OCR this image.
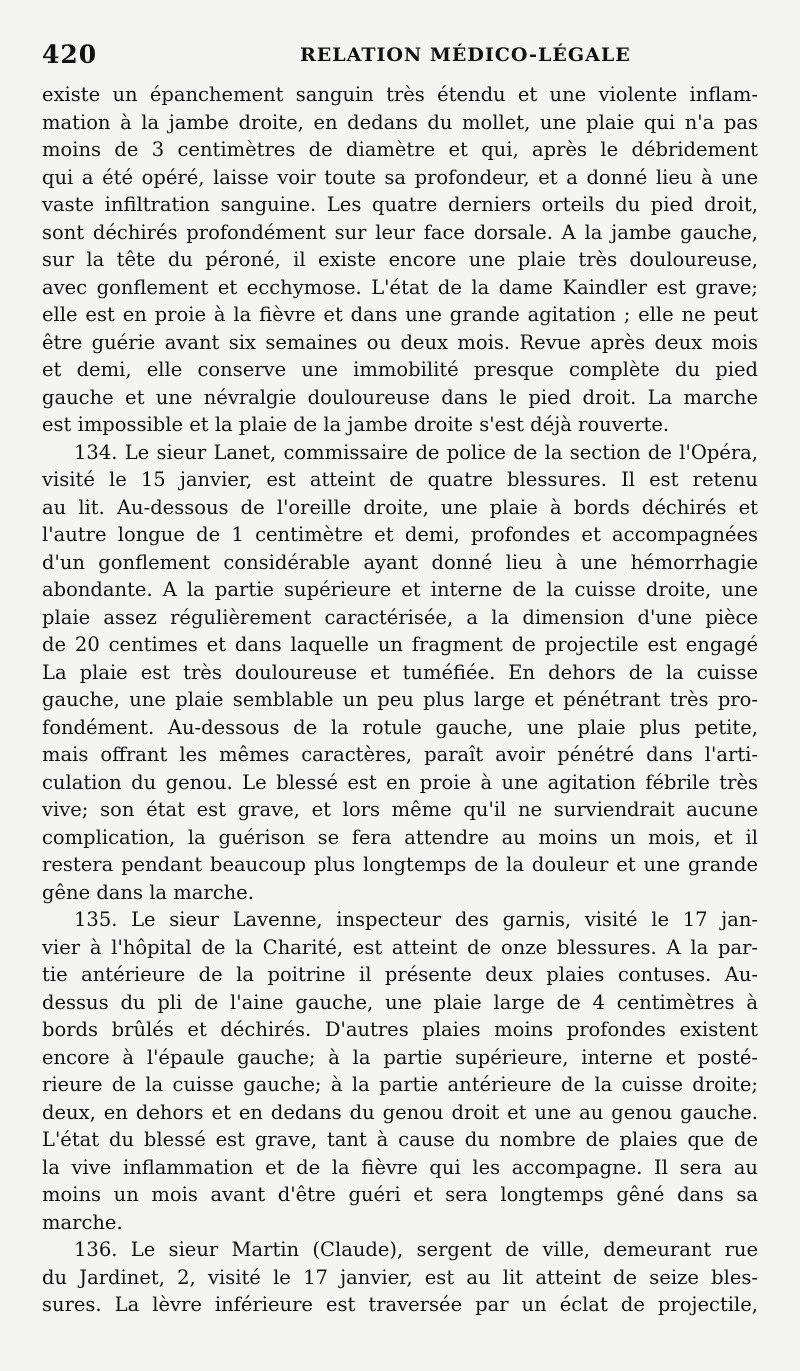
420	RELATION MÉDICO-LÉGALE
existe un épanchement sanguin très étendu et une violente inflam-
mation à la jambe droite, en dedans du mollet, une plaie qui n'a pas
moins de 3 centimètres de diamètre et qui, après le débridement
qui a été opéré, laisse voir toute sa profondeur, et a donné lieu à une
vaste infiltration sanguine. Les quatre derniers orteils du pied droit,
sont déchirés profondément sur leur face dorsale. A la jambe gauche,
sur la tête du péroné, il existe encore une plaie très douloureuse,
avec gonflement et ecchymose. L'état de la dame Kaindler est grave;
elle est en proie à la fièvre et dans une grande agitation ; elle ne peut
être guérie avant six semaines ou deux mois. Revue après deux mois
et demi, elle conserve une immobilité presque complète du pied
gauche et une névralgie douloureuse dans le pied droit. La marche
est impossible et la plaie de la jambe droite s'est déjà rouverte.
134. Le sieur Lanet, commissaire de police de la section de l'Opéra,
visité le 15 janvier, est atteint de quatre blessures. Il est retenu
au lit. Au-dessous de l'oreille droite, une plaie à bords déchirés et
l'autre longue de 1 centimètre et demi, profondes et accompagnées
d'un gonflement considérable ayant donné lieu à une hémorrhagie
abondante. A la partie supérieure et interne de la cuisse droite, une
plaie assez régulièrement caractérisée, a la dimension d'une pièce
de 20 centimes et dans laquelle un fragment de projectile est engagé
La plaie est très douloureuse et tuméfiée. En dehors de la cuisse
gauche, une plaie semblable un peu plus large et pénétrant très pro-
fondément. Au-dessous de la rotule gauche, une plaie plus petite,
mais offrant les mêmes caractères, paraît avoir pénétré dans l'arti-
culation du genou. Le blessé est en proie à une agitation fébrile très
vive; son état est grave, et lors même qu'il ne surviendrait aucune
complication, la guérison se fera attendre au moins un mois, et il
restera pendant beaucoup plus longtemps de la douleur et une grande
gêne dans la marche.
135. Le sieur Lavenne, inspecteur des garnis, visité le 17 jan-
vier à l'hôpital de la Charité, est atteint de onze blessures. A la par-
tie antérieure de la poitrine il présente deux plaies contuses. Au-
dessus du pli de l'aine gauche, une plaie large de 4 centimètres à
bords brûlés et déchirés. D'autres plaies moins profondes existent
encore à l'épaule gauche; à la partie supérieure, interne et posté-
rieure de la cuisse gauche; à la partie antérieure de la cuisse droite;
deux, en dehors et en dedans du genou droit et une au genou gauche.
L'état du blessé est grave, tant à cause du nombre de plaies que de
la vive inflammation et de la fièvre qui les accompagne. Il sera au
moins un mois avant d'être guéri et sera longtemps gêné dans sa
marche.
136. Le sieur Martin (Claude), sergent de ville, demeurant rue
du Jardinet, 2, visité le 17 janvier, est au lit atteint de seize bles-
sures. La lèvre inférieure est traversée par un éclat de projectile,
